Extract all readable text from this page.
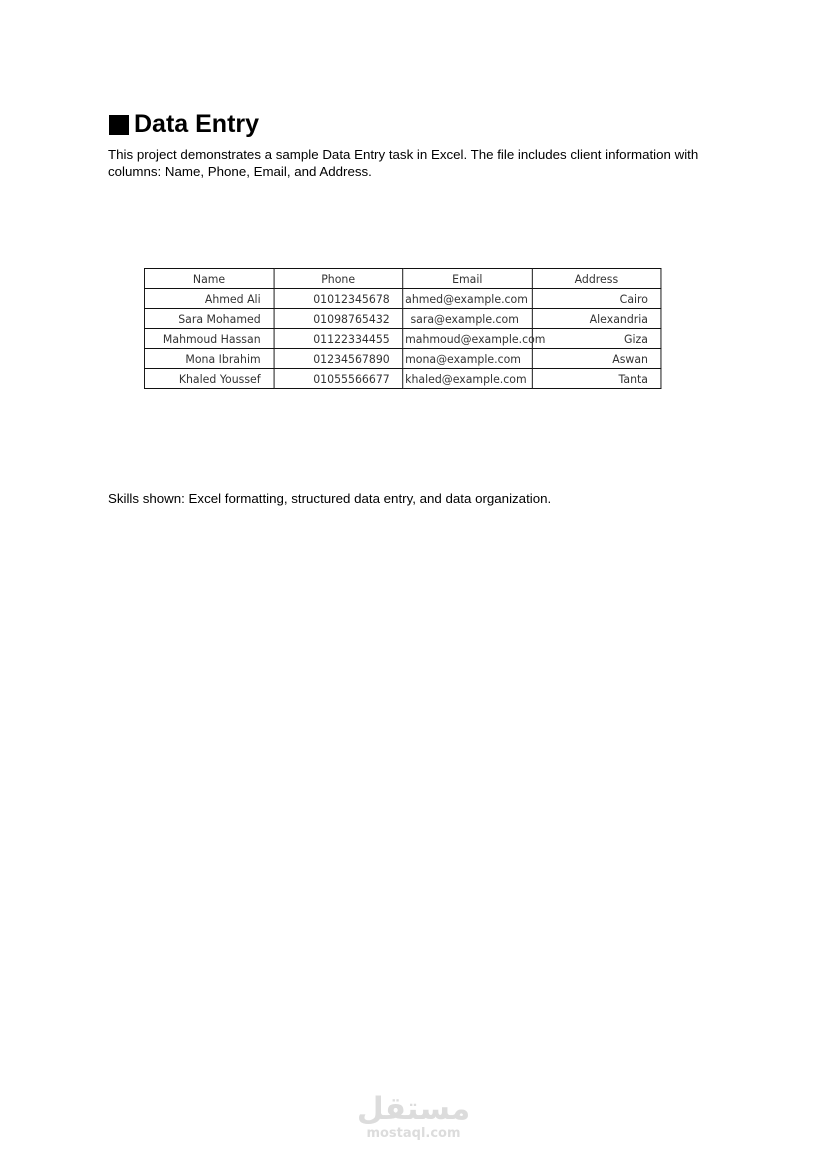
Data Entry

This project demonstrates a sample Data Entry task in Excel. The file includes client information with columns: Name, Phone, Email, and Address.

Name	Phone	Email	Address
Ahmed Ali	01012345678	ahmed@example.com	Cairo
Sara Mohamed	01098765432	sara@example.com	Alexandria
Mahmoud Hassan	01122334455	mahmoud@example.com	Giza
Mona Ibrahim	01234567890	mona@example.com	Aswan
Khaled Youssef	01055566677	khaled@example.com	Tanta

Skills shown: Excel formatting, structured data entry, and data organization.

مستقل
mostaql.com
